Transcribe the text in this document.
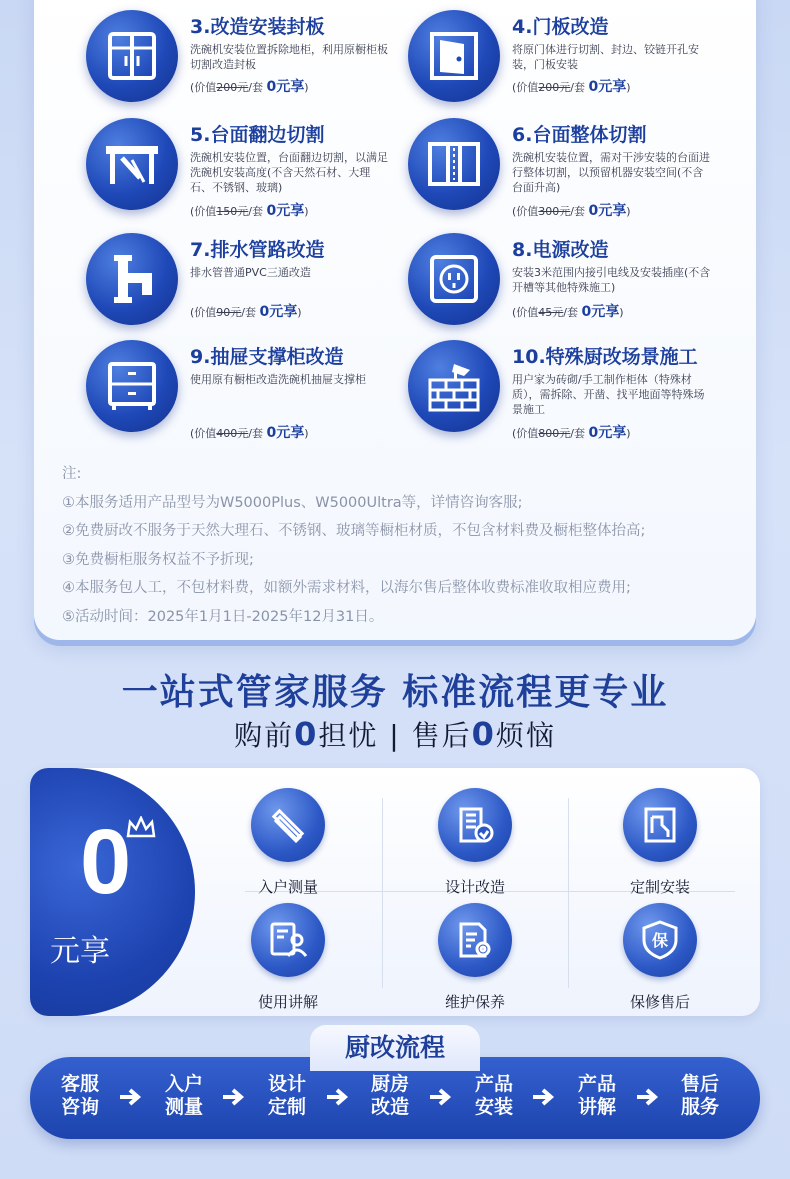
3.改造安装封板
洗碗机安装位置拆除地柜，利用原橱柜板切割改造封板
(价值200元/套 0元享)
4.门板改造
将原门体进行切割、封边、铰链开孔安装，门板安装
(价值200元/套 0元享)
5.台面翻边切割
洗碗机安装位置，台面翻边切割，以满足洗碗机安装高度(不含天然石材、大理石、不锈钢、玻璃)
(价值150元/套 0元享)
6.台面整体切割
洗碗机安装位置，需对干涉安装的台面进行整体切割，以预留机器安装空间(不含台面升高)
(价值300元/套 0元享)
7.排水管路改造
排水管普通PVC三通改造
(价值90元/套 0元享)
8.电源改造
安装3米范围内接引电线及安装插座(不含开槽等其他特殊施工)
(价值45元/套 0元享)
9.抽屉支撑柜改造
使用原有橱柜改造洗碗机抽屉支撑柜
(价值400元/套 0元享)
10.特殊厨改场景施工
用户家为砖砌/手工制作柜体（特殊材质），需拆除、开凿、找平地面等特殊场景施工
(价值800元/套 0元享)
注:
①本服务适用产品型号为W5000Plus、W5000Ultra等，详情咨询客服;
②免费厨改不服务于天然大理石、不锈钢、玻璃等橱柜材质，不包含材料费及橱柜整体抬高;
③免费橱柜服务权益不予折现;
④本服务包人工，不包材料费，如额外需求材料，以海尔售后整体收费标准收取相应费用;
⑤活动时间：2025年1月1日-2025年12月31日。
一站式管家服务 标准流程更专业
购前0担忧 | 售后0烦恼
0
元享
入户测量	设计改造	定制安装
使用讲解	维护保养
保
保修售后
客服
咨询
入户
测量
设计
定制
厨房
改造
产品
安装
产品
讲解
售后
服务
厨改流程
